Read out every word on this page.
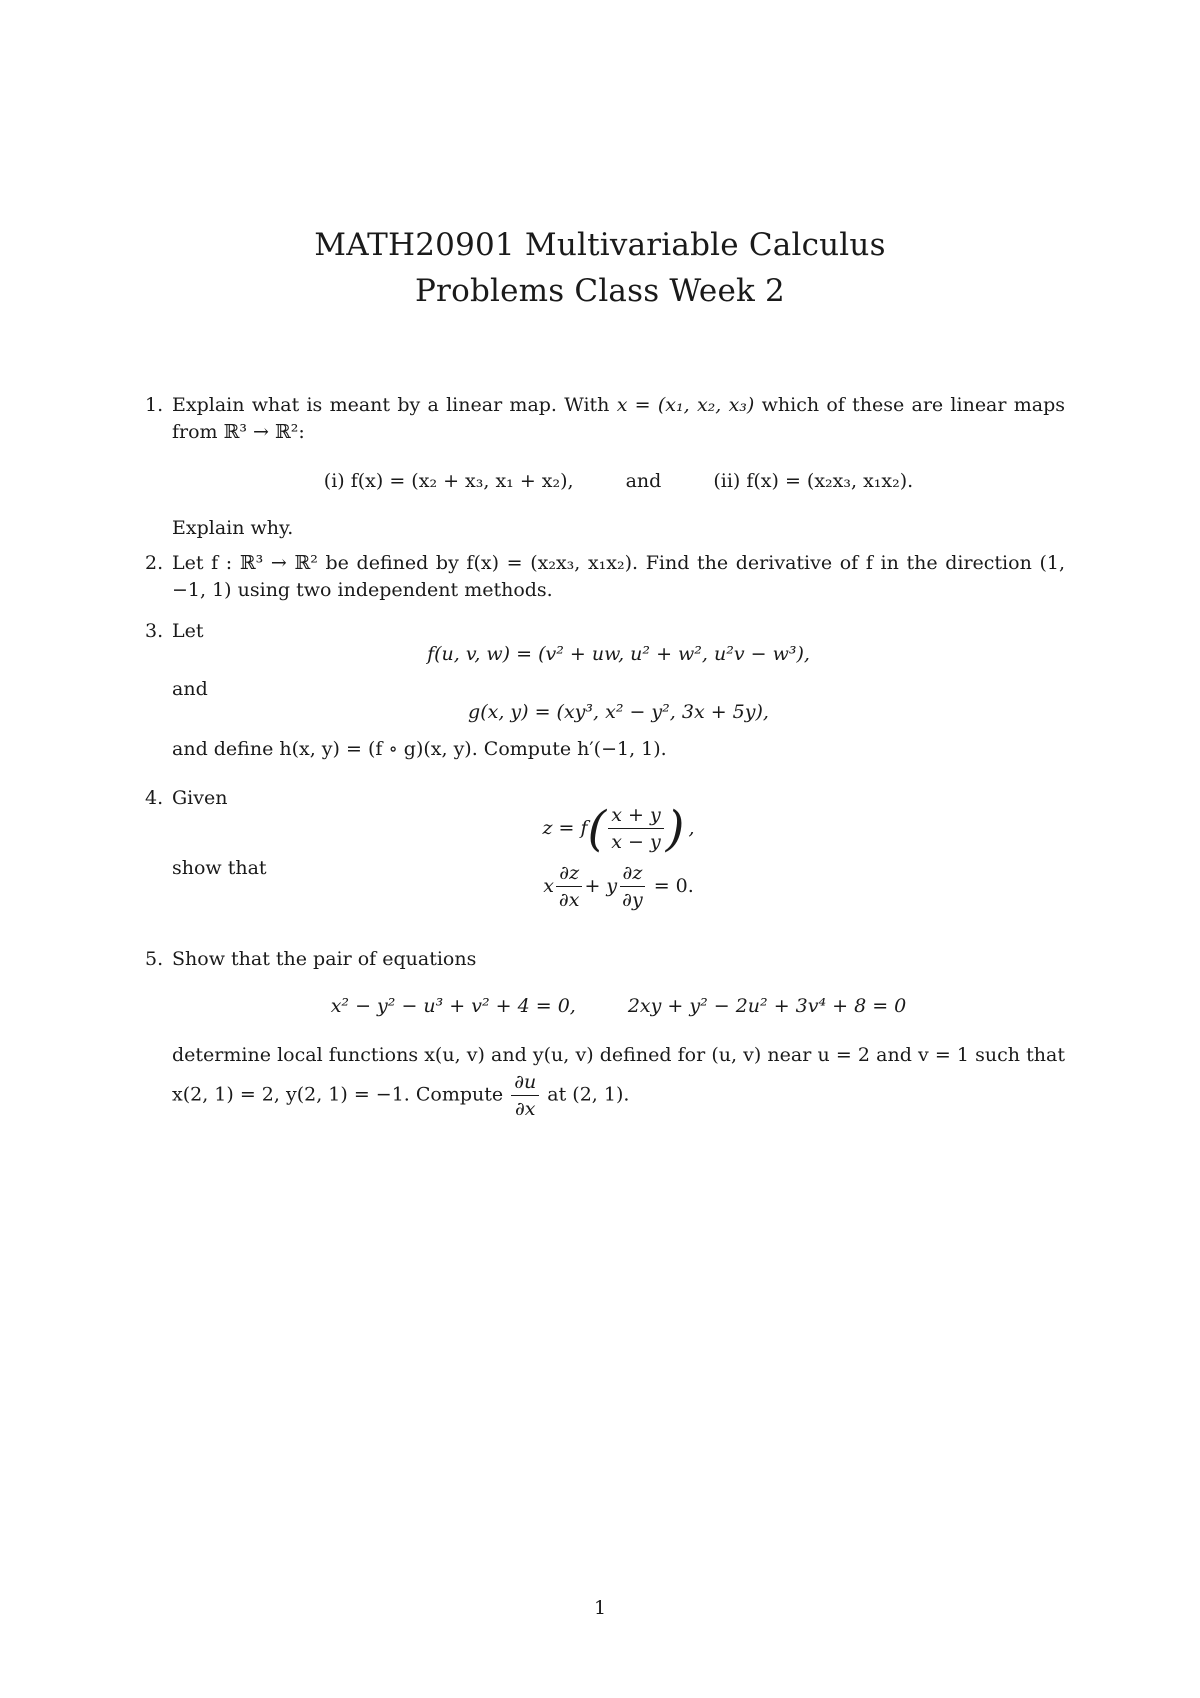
MATH20901 Multivariable Calculus
Problems Class Week 2
1. Explain what is meant by a linear map. With x = (x₁, x₂, x₃) which of these are linear maps from ℝ³ → ℝ²:
(i) f(x) = (x₂ + x₃, x₁ + x₂),	and	(ii) f(x) = (x₂x₃, x₁x₂).
Explain why.
2. Let f : ℝ³ → ℝ² be defined by f(x) = (x₂x₃, x₁x₂). Find the derivative of f in the direction (1, −1, 1) using two independent methods.
3. Let
f(u, v, w) = (v² + uw, u² + w², u²v − w³),
and
g(x, y) = (xy³, x² − y², 3x + 5y),
and define h(x, y) = (f ∘ g)(x, y). Compute h′(−1, 1).
4. Given
z = f ( $\frac{x + y}{x - y}$ ) ,
show that
x $\frac{\partial z}{\partial x} + y \frac{\partial z}{\partial y} = 0$.
5. Show that the pair of equations
x² − y² − u³ + v² + 4 = 0,	2xy + y² − 2u² + 3v⁴ + 8 = 0
determine local functions x(u, v) and y(u, v) defined for (u, v) near u = 2 and v = 1 such that x(2, 1) = 2, y(2, 1) = −1. Compute $\frac{\partial u}{\partial x}$ at (2, 1).
1
